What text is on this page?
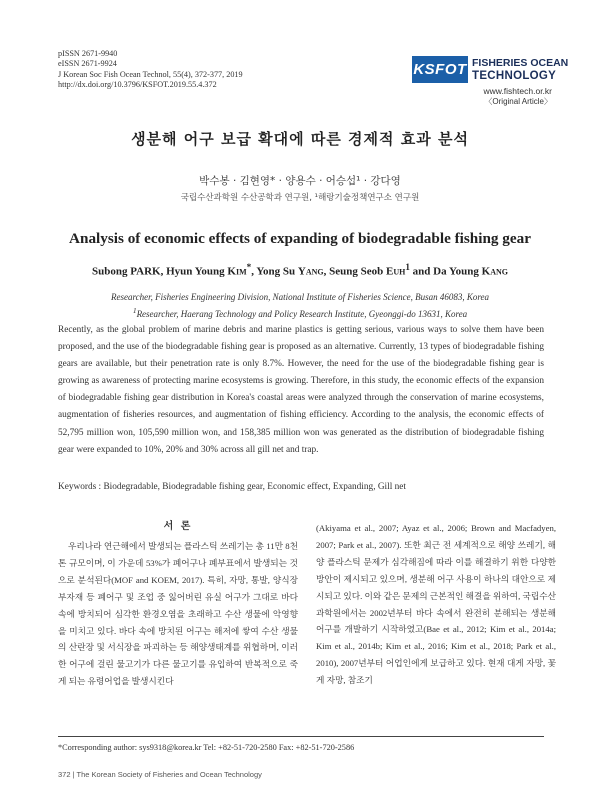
pISSN 2671-9940
eISSN 2671-9924
J Korean Soc Fish Ocean Technol, 55(4), 372-377, 2019
http://dx.doi.org/10.3796/KSFOT.2019.55.4.372
KSFOT FISHERIES OCEAN
TECHNOLOGY
www.fishtech.or.kr
〈Original Article〉
생분해 어구 보급 확대에 따른 경제적 효과 분석
박수봉 · 김현영* · 양용수 · 어승섭¹ · 강다영
국립수산과학원 수산공학과 연구원, ¹해랑기술정책연구소 연구원
Analysis of economic effects of expanding of biodegradable fishing gear
Subong PARK, Hyun Young Kim*, Yong Su Yang, Seung Seob Euh$^1$ and Da Young Kang
Researcher, Fisheries Engineering Division, National Institute of Fisheries Science, Busan 46083, Korea
$^1$Researcher, Haerang Technology and Policy Research Institute, Gyeonggi-do 13631, Korea
Recently, as the global problem of marine debris and marine plastics is getting serious, various ways to solve them have been proposed, and the use of the biodegradable fishing gear is proposed as an alternative. Currently, 13 types of biodegradable fishing gears are available, but their penetration rate is only 8.7%. However, the need for the use of the biodegradable fishing gear is growing as awareness of protecting marine ecosystems is growing. Therefore, in this study, the economic effects of the expansion of biodegradable fishing gear distribution in Korea's coastal areas were analyzed through the conservation of marine ecosystems, augmentation of fisheries resources, and augmentation of fishing efficiency. According to the analysis, the economic effects of 52,795 million won, 105,590 million won, and 158,385 million won was generated as the distribution of biodegradable fishing gear were expanded to 10%, 20% and 30% across all gill net and trap.
Keywords : Biodegradable, Biodegradable fishing gear, Economic effect, Expanding, Gill net
서 론

우리나라 연근해에서 발생되는 플라스틱 쓰레기는 총 11만 8천톤 규모이며, 이 가운데 53%가 폐어구나 폐부표에서 발생되는 것으로 분석된다(MOF and KOEM, 2017). 특히, 자망, 통발, 양식장 부자재 등 폐어구 및 조업 중 잃어버린 유실 어구가 그대로 바다 속에 방치되어 심각한 환경오염을 초래하고 수산 생물에 악영향을 미치고 있다. 바다 속에 방치된 어구는 해저에 쌓여 수산 생물의 산란장 및 서식장을 파괴하는 등 해양생태계를 위협하며, 이러한 어구에 걸린 물고기가 다른 물고기를 유입하여 반복적으로 죽게 되는 유령어업을 발생시킨다

(Akiyama et al., 2007; Ayaz et al., 2006; Brown and Macfadyen, 2007; Park et al., 2007). 또한 최근 전 세계적으로 해양 쓰레기, 해양 플라스틱 문제가 심각해짐에 따라 이를 해결하기 위한 다양한 방안이 제시되고 있으며, 생분해 어구 사용이 하나의 대안으로 제시되고 있다. 이와 같은 문제의 근본적인 해결을 위하여, 국립수산과학원에서는 2002년부터 바다 속에서 완전히 분해되는 생분해 어구를 개발하기 시작하였고(Bae et al., 2012; Kim et al., 2014a; Kim et al., 2014b; Kim et al., 2016; Kim et al., 2018; Park et al., 2010), 2007년부터 어업인에게 보급하고 있다. 현재 대게 자망, 꽃게 자망, 참조기

*Corresponding author: sys9318@korea.kr Tel: +82-51-720-2580 Fax: +82-51-720-2586
372 | The Korean Society of Fisheries and Ocean Technology
